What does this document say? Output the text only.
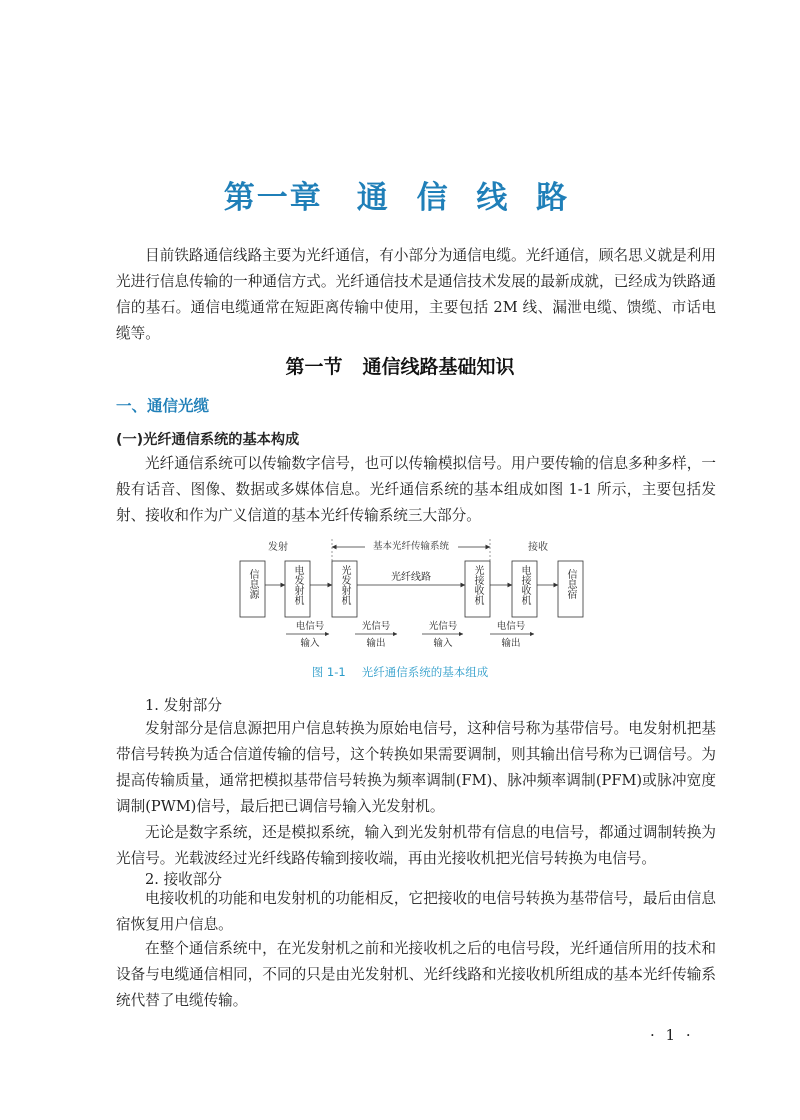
第一章 通 信 线 路

目前铁路通信线路主要为光纤通信，有小部分为通信电缆。光纤通信，顾名思义就是利用光进行信息传输的一种通信方式。光纤通信技术是通信技术发展的最新成就，已经成为铁路通信的基石。通信电缆通常在短距离传输中使用，主要包括 2M 线、漏泄电缆、馈缆、市话电缆等。

第一节 通信线路基础知识
一、通信光缆
(一)光纤通信系统的基本构成

光纤通信系统可以传输数字信号，也可以传输模拟信号。用户要传输的信息多种多样，一般有话音、图像、数据或多媒体信息。光纤通信系统的基本组成如图 1-1 所示，主要包括发射、接收和作为广义信道的基本光纤传输系统三大部分。

发射	基本光纤传输系统	接收
信息源	电发射机	光发射机	光接收机	电接收机	信息宿
光纤线路
电信号
输入
光信号
输出
光信号
输入
电信号
输出

图 1-1 光纤通信系统的基本组成

1. 发射部分

发射部分是信息源把用户信息转换为原始电信号，这种信号称为基带信号。电发射机把基带信号转换为适合信道传输的信号，这个转换如果需要调制，则其输出信号称为已调信号。为提高传输质量，通常把模拟基带信号转换为频率调制(FM)、脉冲频率调制(PFM)或脉冲宽度调制(PWM)信号，最后把已调信号输入光发射机。

无论是数字系统，还是模拟系统，输入到光发射机带有信息的电信号，都通过调制转换为光信号。光载波经过光纤线路传输到接收端，再由光接收机把光信号转换为电信号。

2. 接收部分

电接收机的功能和电发射机的功能相反，它把接收的电信号转换为基带信号，最后由信息宿恢复用户信息。

在整个通信系统中，在光发射机之前和光接收机之后的电信号段，光纤通信所用的技术和设备与电缆通信相同，不同的只是由光发射机、光纤线路和光接收机所组成的基本光纤传输系统代替了电缆传输。

· 1 ·
